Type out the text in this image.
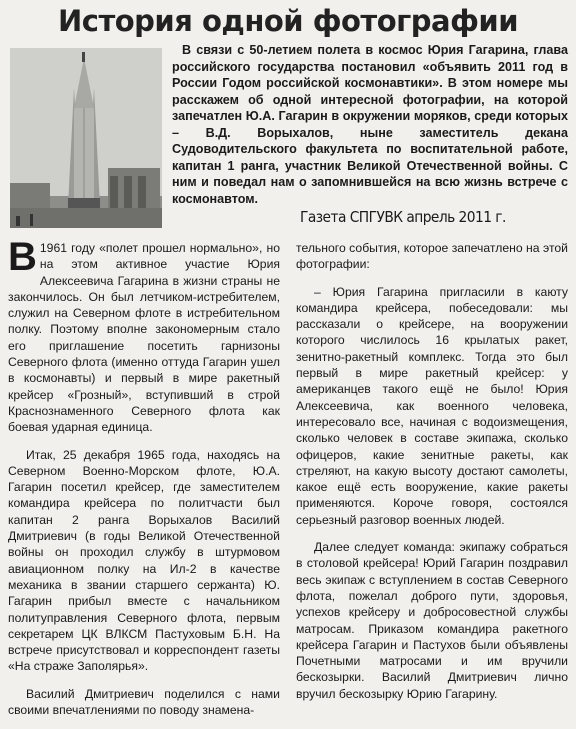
История одной фотографии
В связи с 50-летием полета в космос Юрия Гагарина, глава российского государства постановил «объявить 2011 год в России Годом российской космонавтики». В этом номере мы расскажем об одной интересной фотографии, на которой запечатлен Ю.А. Гагарин в окружении моряков, среди которых – В.Д. Ворыхалов, ныне заместитель декана Судоводительского факультета по воспитательной работе, капитан 1 ранга, участник Великой Отечественной войны. С ним и поведал нам о запомнившейся на всю жизнь встрече с космонавтом.
Газета СПГУВК апрель 2011 г.

В 1961 году «полет прошел нормально», но на этом активное участие Юрия Алексеевича Гагарина в жизни страны не закончилось. Он был летчиком-истребителем, служил на Северном флоте в истребительном полку. Поэтому вполне закономерным стало его приглашение посетить гарнизоны Северного флота (именно оттуда Гагарин ушел в космонавты) и первый в мире ракетный крейсер «Грозный», вступивший в строй Краснознаменного Северного флота как боевая ударная единица.

Итак, 25 декабря 1965 года, находясь на Северном Военно-Морском флоте, Ю.А. Гагарин посетил крейсер, где заместителем командира крейсера по политчасти был капитан 2 ранга Ворыхалов Василий Дмитриевич (в годы Великой Отечественной войны он проходил службу в штурмовом авиационном полку на Ил-2 в качестве механика в звании старшего сержанта) Ю. Гагарин прибыл вместе с начальником политуправления Северного флота, первым секретарем ЦК ВЛКСМ Пастуховым Б.Н. На встрече присутствовал и корреспондент газеты «На страже Заполярья».

Василий Дмитриевич поделился с нами своими впечатлениями по поводу знамена-

тельного события, которое запечатлено на этой фотографии:

– Юрия Гагарина пригласили в каюту командира крейсера, побеседовали: мы рассказали о крейсере, на вооружении которого числилось 16 крылатых ракет, зенитно-ракетный комплекс. Тогда это был первый в мире ракетный крейсер: у американцев такого ещё не было! Юрия Алексеевича, как военного человека, интересовало все, начиная с водоизмещения, сколько человек в составе экипажа, сколько офицеров, какие зенитные ракеты, как стреляют, на какую высоту достают самолеты, какое ещё есть вооружение, какие ракеты применяются. Короче говоря, состоялся серьезный разговор военных людей.

Далее следует команда: экипажу собраться в столовой крейсера! Юрий Гагарин поздравил весь экипаж с вступлением в состав Северного флота, пожелал доброго пути, здоровья, успехов крейсеру и добросовестной службы матросам. Приказом командира ракетного крейсера Гагарин и Пастухов были объявлены Почетными матросами и им вручили бескозырки. Василий Дмитриевич лично вручил бескозырку Юрию Гагарину.
